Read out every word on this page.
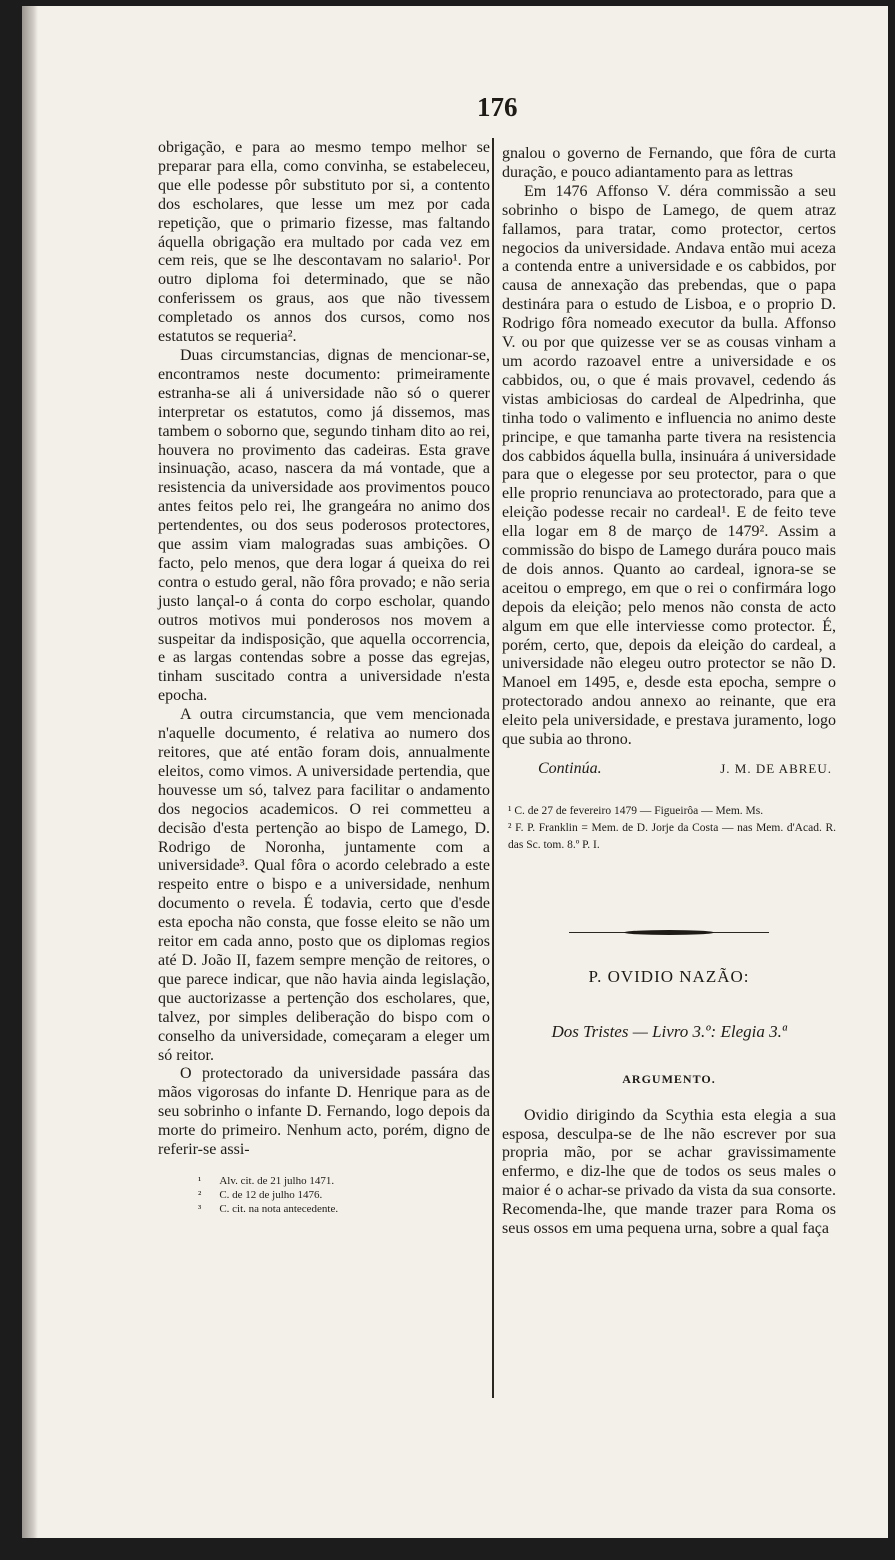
176

obrigação, e para ao mesmo tempo melhor se preparar para ella, como convinha, se estabeleceu, que elle podesse pôr substituto por si, a contento dos escholares, que lesse um mez por cada repetição, que o primario fizesse, mas faltando áquella obrigação era multado por cada vez em cem reis, que se lhe descontavam no salario¹. Por outro diploma foi determinado, que se não conferissem os graus, aos que não tivessem completado os annos dos cursos, como nos estatutos se requeria².

Duas circumstancias, dignas de mencionar-se, encontramos neste documento: primeiramente estranha-se ali á universidade não só o querer interpretar os estatutos, como já dissemos, mas tambem o soborno que, segundo tinham dito ao rei, houvera no provimento das cadeiras. Esta grave insinuação, acaso, nascera da má vontade, que a resistencia da universidade aos provimentos pouco antes feitos pelo rei, lhe grangeára no animo dos pertendentes, ou dos seus poderosos protectores, que assim viam malogradas suas ambições. O facto, pelo menos, que dera logar á queixa do rei contra o estudo geral, não fôra provado; e não seria justo lançal-o á conta do corpo escholar, quando outros motivos mui ponderosos nos movem a suspeitar da indisposição, que aquella occorrencia, e as largas contendas sobre a posse das egrejas, tinham suscitado contra a universidade n'esta epocha.

A outra circumstancia, que vem mencionada n'aquelle documento, é relativa ao numero dos reitores, que até então foram dois, annualmente eleitos, como vimos. A universidade pertendia, que houvesse um só, talvez para facilitar o andamento dos negocios academicos. O rei commetteu a decisão d'esta pertenção ao bispo de Lamego, D. Rodrigo de Noronha, juntamente com a universidade³. Qual fôra o acordo celebrado a este respeito entre o bispo e a universidade, nenhum documento o revela. É todavia, certo que d'esde esta epocha não consta, que fosse eleito se não um reitor em cada anno, posto que os diplomas regios até D. João II, fazem sempre menção de reitores, o que parece indicar, que não havia ainda legislação, que auctorizasse a pertenção dos escholares, que, talvez, por simples deliberação do bispo com o conselho da universidade, começaram a eleger um só reitor.

O protectorado da universidade passára das mãos vigorosas do infante D. Henrique para as de seu sobrinho o infante D. Fernando, logo depois da morte do primeiro. Nenhum acto, porém, digno de referir-se assi-

¹ Alv. cit. de 21 julho 1471.
² C. de 12 de julho 1476.
³ C. cit. na nota antecedente.

gnalou o governo de Fernando, que fôra de curta duração, e pouco adiantamento para as lettras

Em 1476 Affonso V. déra commissão a seu sobrinho o bispo de Lamego, de quem atraz fallamos, para tratar, como protector, certos negocios da universidade. Andava então mui aceza a contenda entre a universidade e os cabbidos, por causa de annexação das prebendas, que o papa destinára para o estudo de Lisboa, e o proprio D. Rodrigo fôra nomeado executor da bulla. Affonso V. ou por que quizesse ver se as cousas vinham a um acordo razoavel entre a universidade e os cabbidos, ou, o que é mais provavel, cedendo ás vistas ambiciosas do cardeal de Alpedrinha, que tinha todo o valimento e influencia no animo deste principe, e que tamanha parte tivera na resistencia dos cabbidos áquella bulla, insinuára á universidade para que o elegesse por seu protector, para o que elle proprio renunciava ao protectorado, para que a eleição podesse recair no cardeal¹. E de feito teve ella logar em 8 de março de 1479². Assim a commissão do bispo de Lamego durára pouco mais de dois annos. Quanto ao cardeal, ignora-se se aceitou o emprego, em que o rei o confirmára logo depois da eleição; pelo menos não consta de acto algum em que elle interviesse como protector. É, porém, certo, que, depois da eleição do cardeal, a universidade não elegeu outro protector se não D. Manoel em 1495, e, desde esta epocha, sempre o protectorado andou annexo ao reinante, que era eleito pela universidade, e prestava juramento, logo que subia ao throno.

Continúa.	J. M. DE ABREU.

¹ C. de 27 de fevereiro 1479 — Figueirôa — Mem. Ms.

² F. P. Franklin = Mem. de D. Jorje da Costa — nas Mem. d'Acad. R. das Sc. tom. 8.º P. I.

P. OVIDIO NAZÃO:
Dos Tristes — Livro 3.º: Elegia 3.ª
ARGUMENTO.

Ovidio dirigindo da Scythia esta elegia a sua esposa, desculpa-se de lhe não escrever por sua propria mão, por se achar gravissimamente enfermo, e diz-lhe que de todos os seus males o maior é o achar-se privado da vista da sua consorte. Recomenda-lhe, que mande trazer para Roma os seus ossos em uma pequena urna, sobre a qual faça
